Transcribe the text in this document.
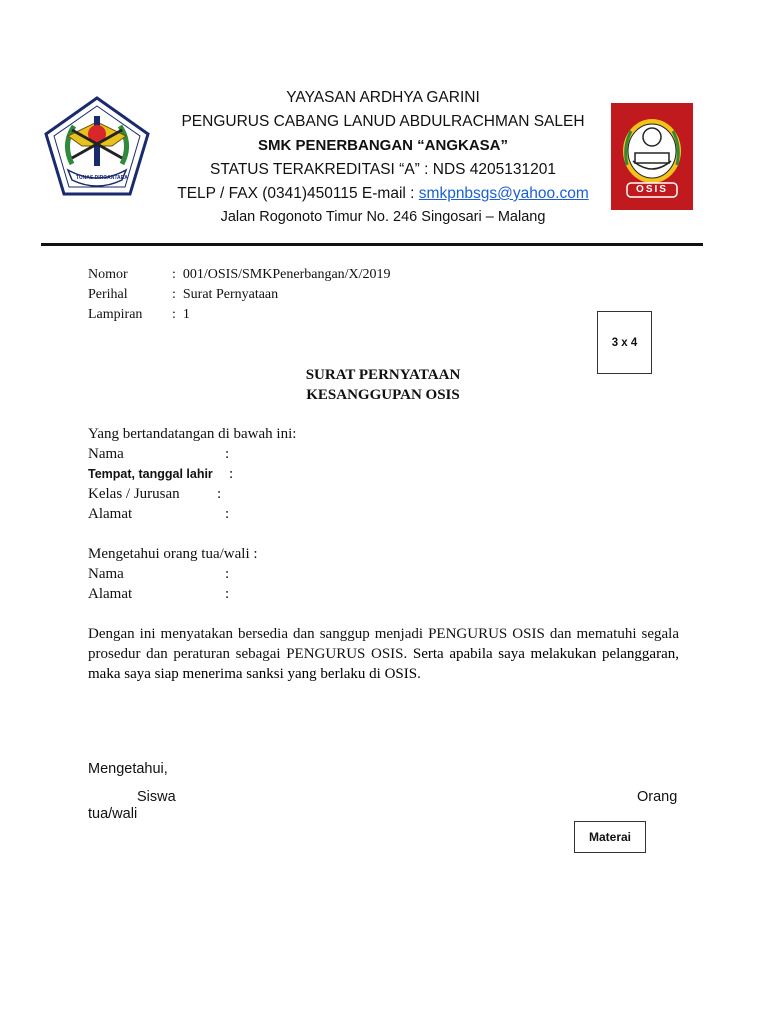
TUNAS DIRGANTARA
OSIS
YAYASAN ARDHYA GARINI
PENGURUS CABANG LANUD ABDULRACHMAN SALEH
SMK PENERBANGAN “ANGKASA”
STATUS TERAKREDITASI “A” : NDS 4205131201
TELP / FAX (0341)450115 E-mail : smkpnbsgs@yahoo.com
Jalan Rogonoto Timur No. 246 Singosari – Malang
Nomor	:  001/OSIS/SMKPenerbangan/X/2019
Perihal	:  Surat Pernyataan
Lampiran :  1
3 x 4
SURAT PERNYATAAN
KESANGGUPAN OSIS
Yang bertandatangan di bawah ini:
Nama	:
Tempat, tanggal lahir :
Kelas / Jurusan :
Alamat	:
Mengetahui orang tua/wali :
Nama	:
Alamat	:
Dengan ini menyatakan bersedia dan sanggup menjadi PENGURUS OSIS dan mematuhi segala prosedur dan peraturan sebagai PENGURUS OSIS. Serta apabila saya melakukan pelanggaran, maka saya siap menerima sanksi yang berlaku di OSIS.
Mengetahui,
Siswa	Orang
tua/wali
Materai
